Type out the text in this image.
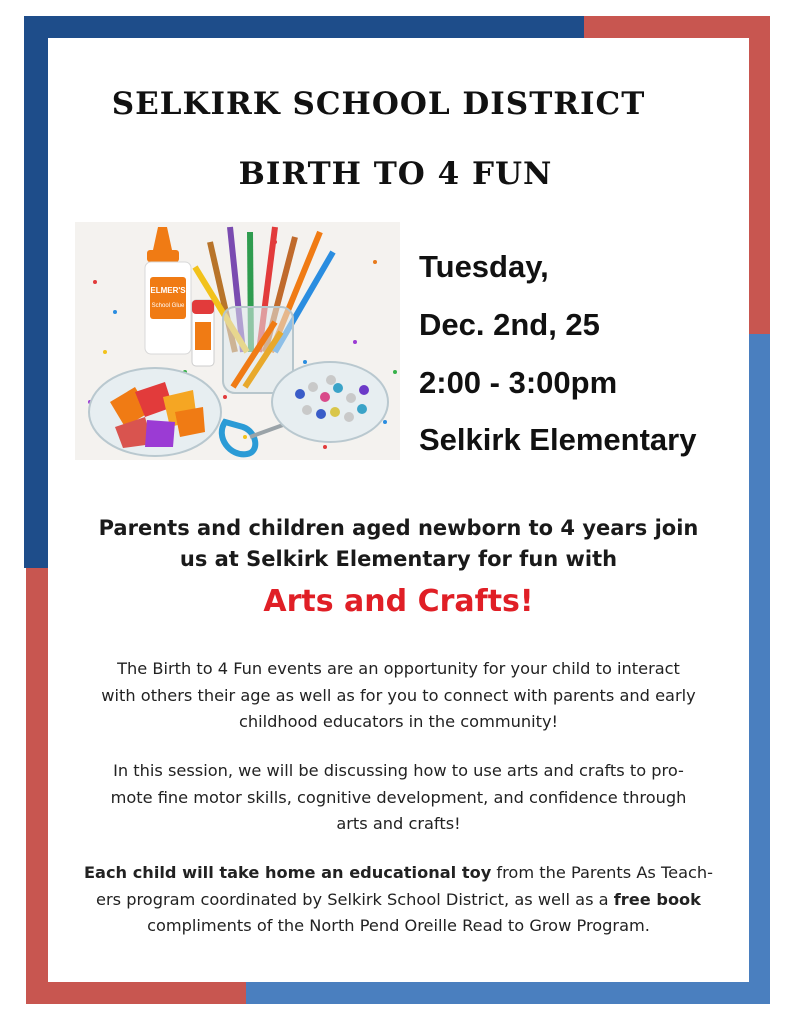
SELKIRK SCHOOL DISTRICT
BIRTH TO 4 FUN
ELMER'S
School Glue
Tuesday,
Dec. 2nd, 25
2:00 - 3:00pm
Selkirk Elementary
Parents and children aged newborn to 4 years join
us at Selkirk Elementary for fun with
Arts and Crafts!
The Birth to 4 Fun events are an opportunity for your child to interact
with others their age as well as for you to connect with parents and early
childhood educators in the community!
In this session, we will be discussing how to use arts and crafts to pro-
mote fine motor skills, cognitive development, and confidence through
arts and crafts!
Each child will take home an educational toy from the Parents As Teach-
ers program coordinated by Selkirk School District, as well as a free book
compliments of the North Pend Oreille Read to Grow Program.
